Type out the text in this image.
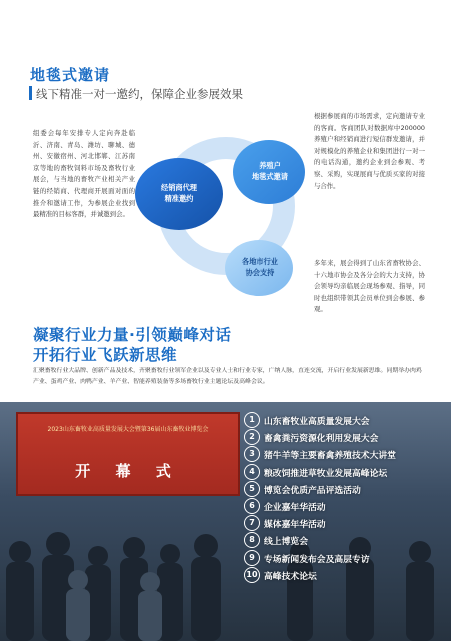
地毯式邀请
线下精准一对一邀约，保障企业参展效果
组委会每年安排专人定向奔赴临沂、济南、青岛、潍坊、聊城、德州、安徽宿州、河北邯郸、江苏南京等地的畜牧饲料市场及畜牧行业展会，与当地的畜牧产业相关产业链的经销商、代理商开展面对面的推介和邀请工作，为参展企业找到最精准的目标客群，并诚邀到会。
经销商代理
精准邀约
养殖户
地毯式邀请
各地市行业
协会支持
根据参展商的市场需求，定向邀请专业的客商。客商团队对数据库中200000养殖户和经销商进行短信群发邀请，并对规模化的养殖企业和集团进行一对一的电话沟通，邀约企业到会参观、考察、采购，实现展商与优质买家的对接与合作。
多年来，展会得到了山东省畜牧协会、十六地市协会及各分会的大力支持，协会领导均亲临展会现场参观、指导，同时也组织带领其会员单位到会参展、参观。
凝聚行业力量·引领巅峰对话
开拓行业飞跃新思维
汇聚畜牧行业大品牌、创新产品及技术，齐聚畜牧行业领军企业以及专业人士和行业专家，广纳人脉，直连交流，开启行业发展新思维。同期举办肉鸡产业、蛋鸡产业、肉鸭产业、羊产业、智能养殖装备等多场畜牧行业主题论坛及高峰会议。
2023山东畜牧业高质量发展大会暨第36届山东畜牧业博览会
开 幕 式
1	山东畜牧业高质量发展大会
2	畜禽粪污资源化利用发展大会
3	猪牛羊等主要畜禽养殖技术大讲堂
4	粮改饲推进草牧业发展高峰论坛
5	博览会优质产品评选活动
6	企业嘉年华活动
7	媒体嘉年华活动
8	线上博览会
9	专场新闻发布会及高层专访
10 高峰技术论坛
